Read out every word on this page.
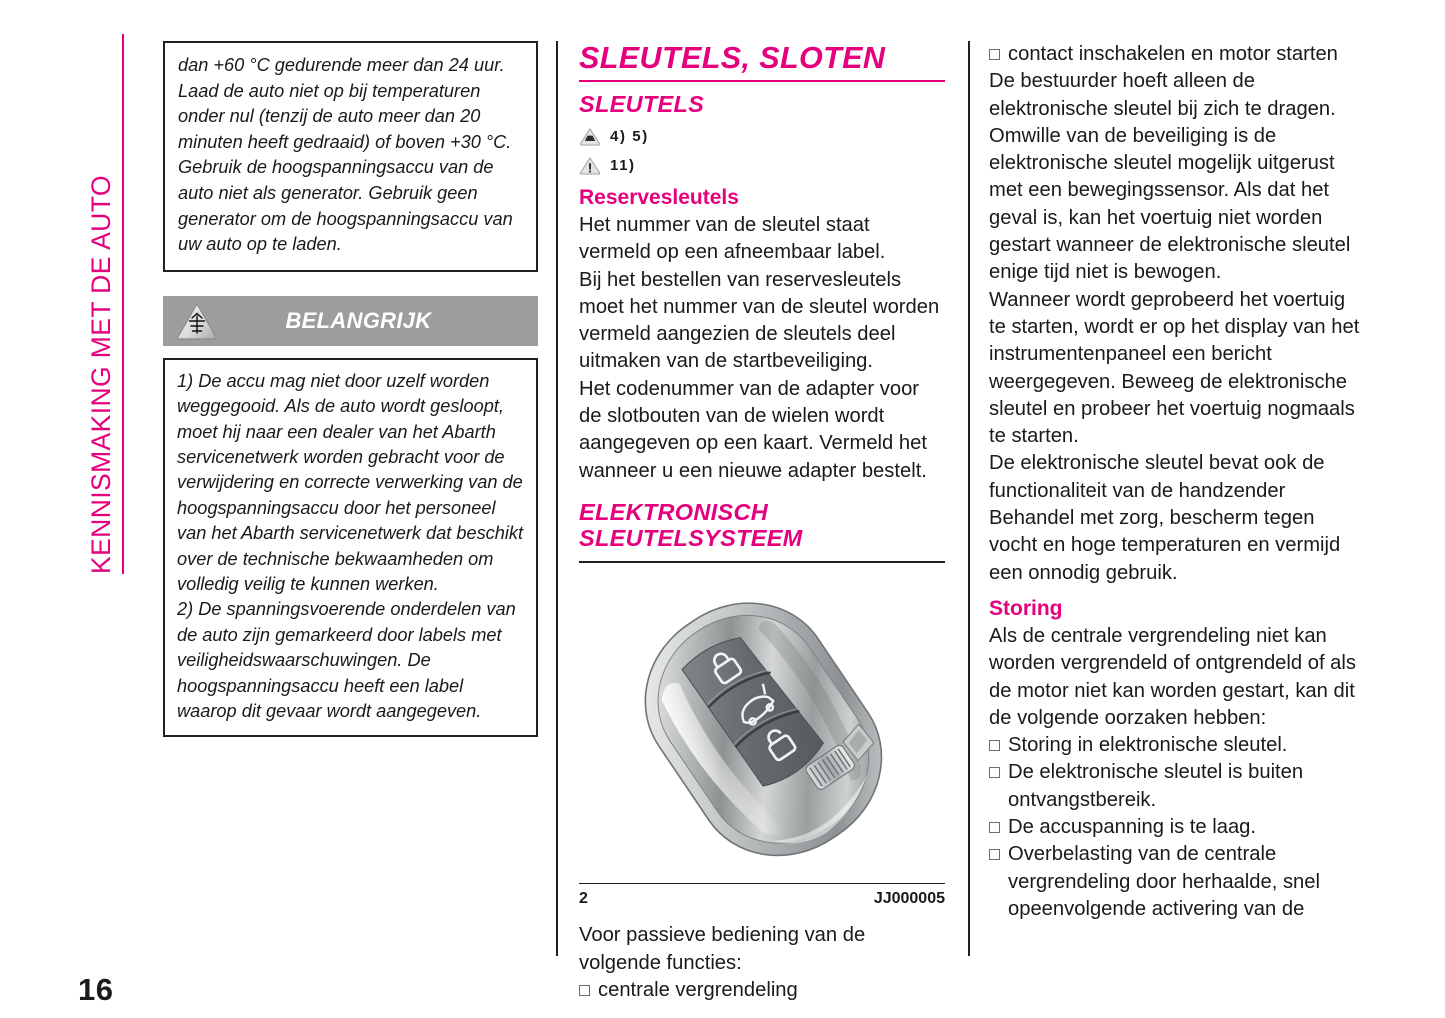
KENNISMAKING MET DE AUTO

dan +60 °C gedurende meer dan 24 uur. Laad de auto niet op bij temperaturen onder nul (tenzij de auto meer dan 20 minuten heeft gedraaid) of boven +30 °C. Gebruik de hoogspanningsaccu van de auto niet als generator. Gebruik geen generator om de hoogspanningsaccu van uw auto op te laden.

BELANGRIJK

1) De accu mag niet door uzelf worden weggegooid. Als de auto wordt gesloopt, moet hij naar een dealer van het Abarth servicenetwerk worden gebracht voor de verwijdering en correcte verwerking van de hoogspanningsaccu door het personeel van het Abarth servicenetwerk dat beschikt over de technische bekwaamheden om volledig veilig te kunnen werken.

2) De spanningsvoerende onderdelen van de auto zijn gemarkeerd door labels met veiligheidswaarschuwingen. De hoogspanningsaccu heeft een label waarop dit gevaar wordt aangegeven.

SLEUTELS, SLOTEN
SLEUTELS
4) 5)
11)
Reservesleutels

Het nummer van de sleutel staat vermeld op een afneembaar label.

Bij het bestellen van reservesleutels moet het nummer van de sleutel worden vermeld aangezien de sleutels deel uitmaken van de startbeveiliging.

Het codenummer van de adapter voor de slotbouten van de wielen wordt aangegeven op een kaart. Vermeld het wanneer u een nieuwe adapter bestelt.

ELEKTRONISCH SLEUTELSYSTEEM
2	JJ000005

Voor passieve bediening van de volgende functies:

centrale vergrendeling
contact inschakelen en motor starten

De bestuurder hoeft alleen de elektronische sleutel bij zich te dragen.

Omwille van de beveiliging is de elektronische sleutel mogelijk uitgerust met een bewegingssensor. Als dat het geval is, kan het voertuig niet worden gestart wanneer de elektronische sleutel enige tijd niet is bewogen.

Wanneer wordt geprobeerd het voertuig te starten, wordt er op het display van het instrumentenpaneel een bericht weergegeven. Beweeg de elektronische sleutel en probeer het voertuig nogmaals te starten.

De elektronische sleutel bevat ook de functionaliteit van de handzender

Behandel met zorg, bescherm tegen vocht en hoge temperaturen en vermijd een onnodig gebruik.

Storing

Als de centrale vergrendeling niet kan worden vergrendeld of ontgrendeld of als de motor niet kan worden gestart, kan dit de volgende oorzaken hebben:

Storing in elektronische sleutel.
De elektronische sleutel is buiten ontvangstbereik.
De accuspanning is te laag.
Overbelasting van de centrale vergrendeling door herhaalde, snel opeenvolgende activering van de
16
